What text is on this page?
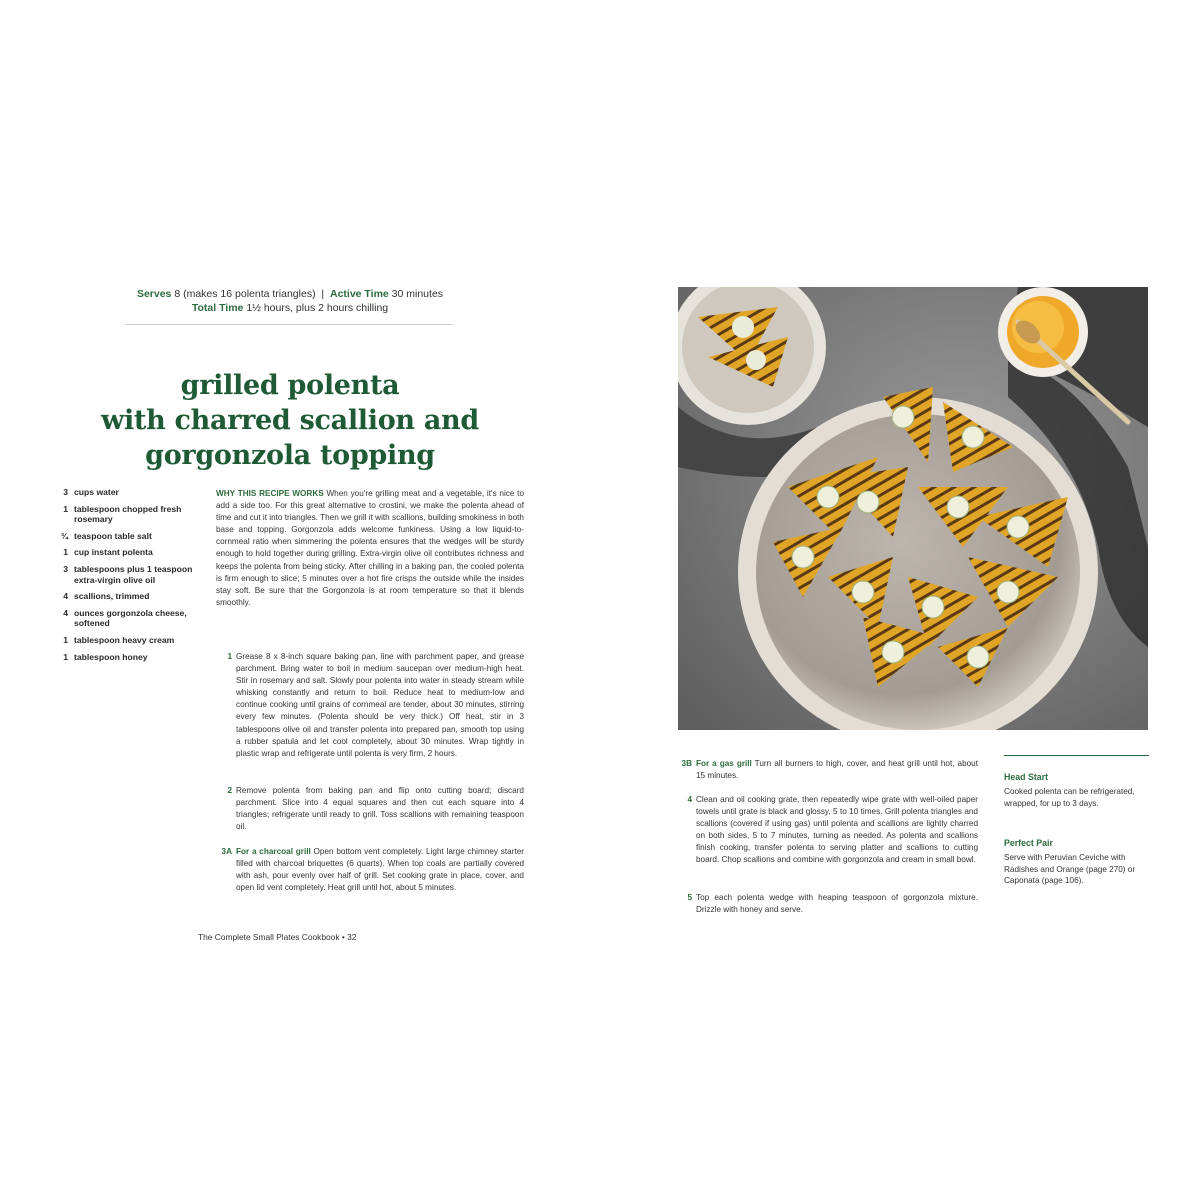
Serves 8 (makes 16 polenta triangles) | Active Time 30 minutes
Total Time 1½ hours, plus 2 hours chilling
grilled polenta
with charred scallion and
gorgonzola topping
3 cups water
1 tablespoon chopped fresh rosemary
¾ teaspoon table salt
1 cup instant polenta
3 tablespoons plus 1 teaspoon extra-virgin olive oil
4 scallions, trimmed
4 ounces gorgonzola cheese, softened
1 tablespoon heavy cream
1 tablespoon honey
WHY THIS RECIPE WORKS When you're grilling meat and a vegetable, it's nice to add a side too. For this great alternative to crostini, we make the polenta ahead of time and cut it into triangles. Then we grill it with scallions, building smokiness in both base and topping. Gorgonzola adds welcome funkiness. Using a low liquid-to-cornmeal ratio when simmering the polenta ensures that the wedges will be sturdy enough to hold together during grilling. Extra-virgin olive oil contributes richness and keeps the polenta from being sticky. After chilling in a baking pan, the cooled polenta is firm enough to slice; 5 minutes over a hot fire crisps the outside while the insides stay soft. Be sure that the Gorgonzola is at room temperature so that it blends smoothly.
1 Grease 8 x 8-inch square baking pan, line with parchment paper, and grease parchment. Bring water to boil in medium saucepan over medium-high heat. Stir in rosemary and salt. Slowly pour polenta into water in steady stream while whisking constantly and return to boil. Reduce heat to medium-low and continue cooking until grains of cornmeal are tender, about 30 minutes, stirring every few minutes. (Polenta should be very thick.) Off heat, stir in 3 tablespoons olive oil and transfer polenta into prepared pan, smooth top using a rubber spatula and let cool completely, about 30 minutes. Wrap tightly in plastic wrap and refrigerate until polenta is very firm, 2 hours.
2 Remove polenta from baking pan and flip onto cutting board; discard parchment. Slice into 4 equal squares and then cut each square into 4 triangles; refrigerate until ready to grill. Toss scallions with remaining teaspoon oil.
3A For a charcoal grill Open bottom vent completely. Light large chimney starter filled with charcoal briquettes (6 quarts). When top coals are partially covered with ash, pour evenly over half of grill. Set cooking grate in place, cover, and open lid vent completely. Heat grill until hot, about 5 minutes.
The Complete Small Plates Cookbook • 32
3B For a gas grill Turn all burners to high, cover, and heat grill until hot, about 15 minutes.
4 Clean and oil cooking grate, then repeatedly wipe grate with well-oiled paper towels until grate is black and glossy, 5 to 10 times. Grill polenta triangles and scallions (covered if using gas) until polenta and scallions are lightly charred on both sides, 5 to 7 minutes, turning as needed. As polenta and scallions finish cooking, transfer polenta to serving platter and scallions to cutting board. Chop scallions and combine with gorgonzola and cream in small bowl.
5 Top each polenta wedge with heaping teaspoon of gorgonzola mixture. Drizzle with honey and serve.
Head Start
Cooked polenta can be refrigerated, wrapped, for up to 3 days.
Perfect Pair
Serve with Peruvian Ceviche with Radishes and Orange (page 270) or Caponata (page 106).
